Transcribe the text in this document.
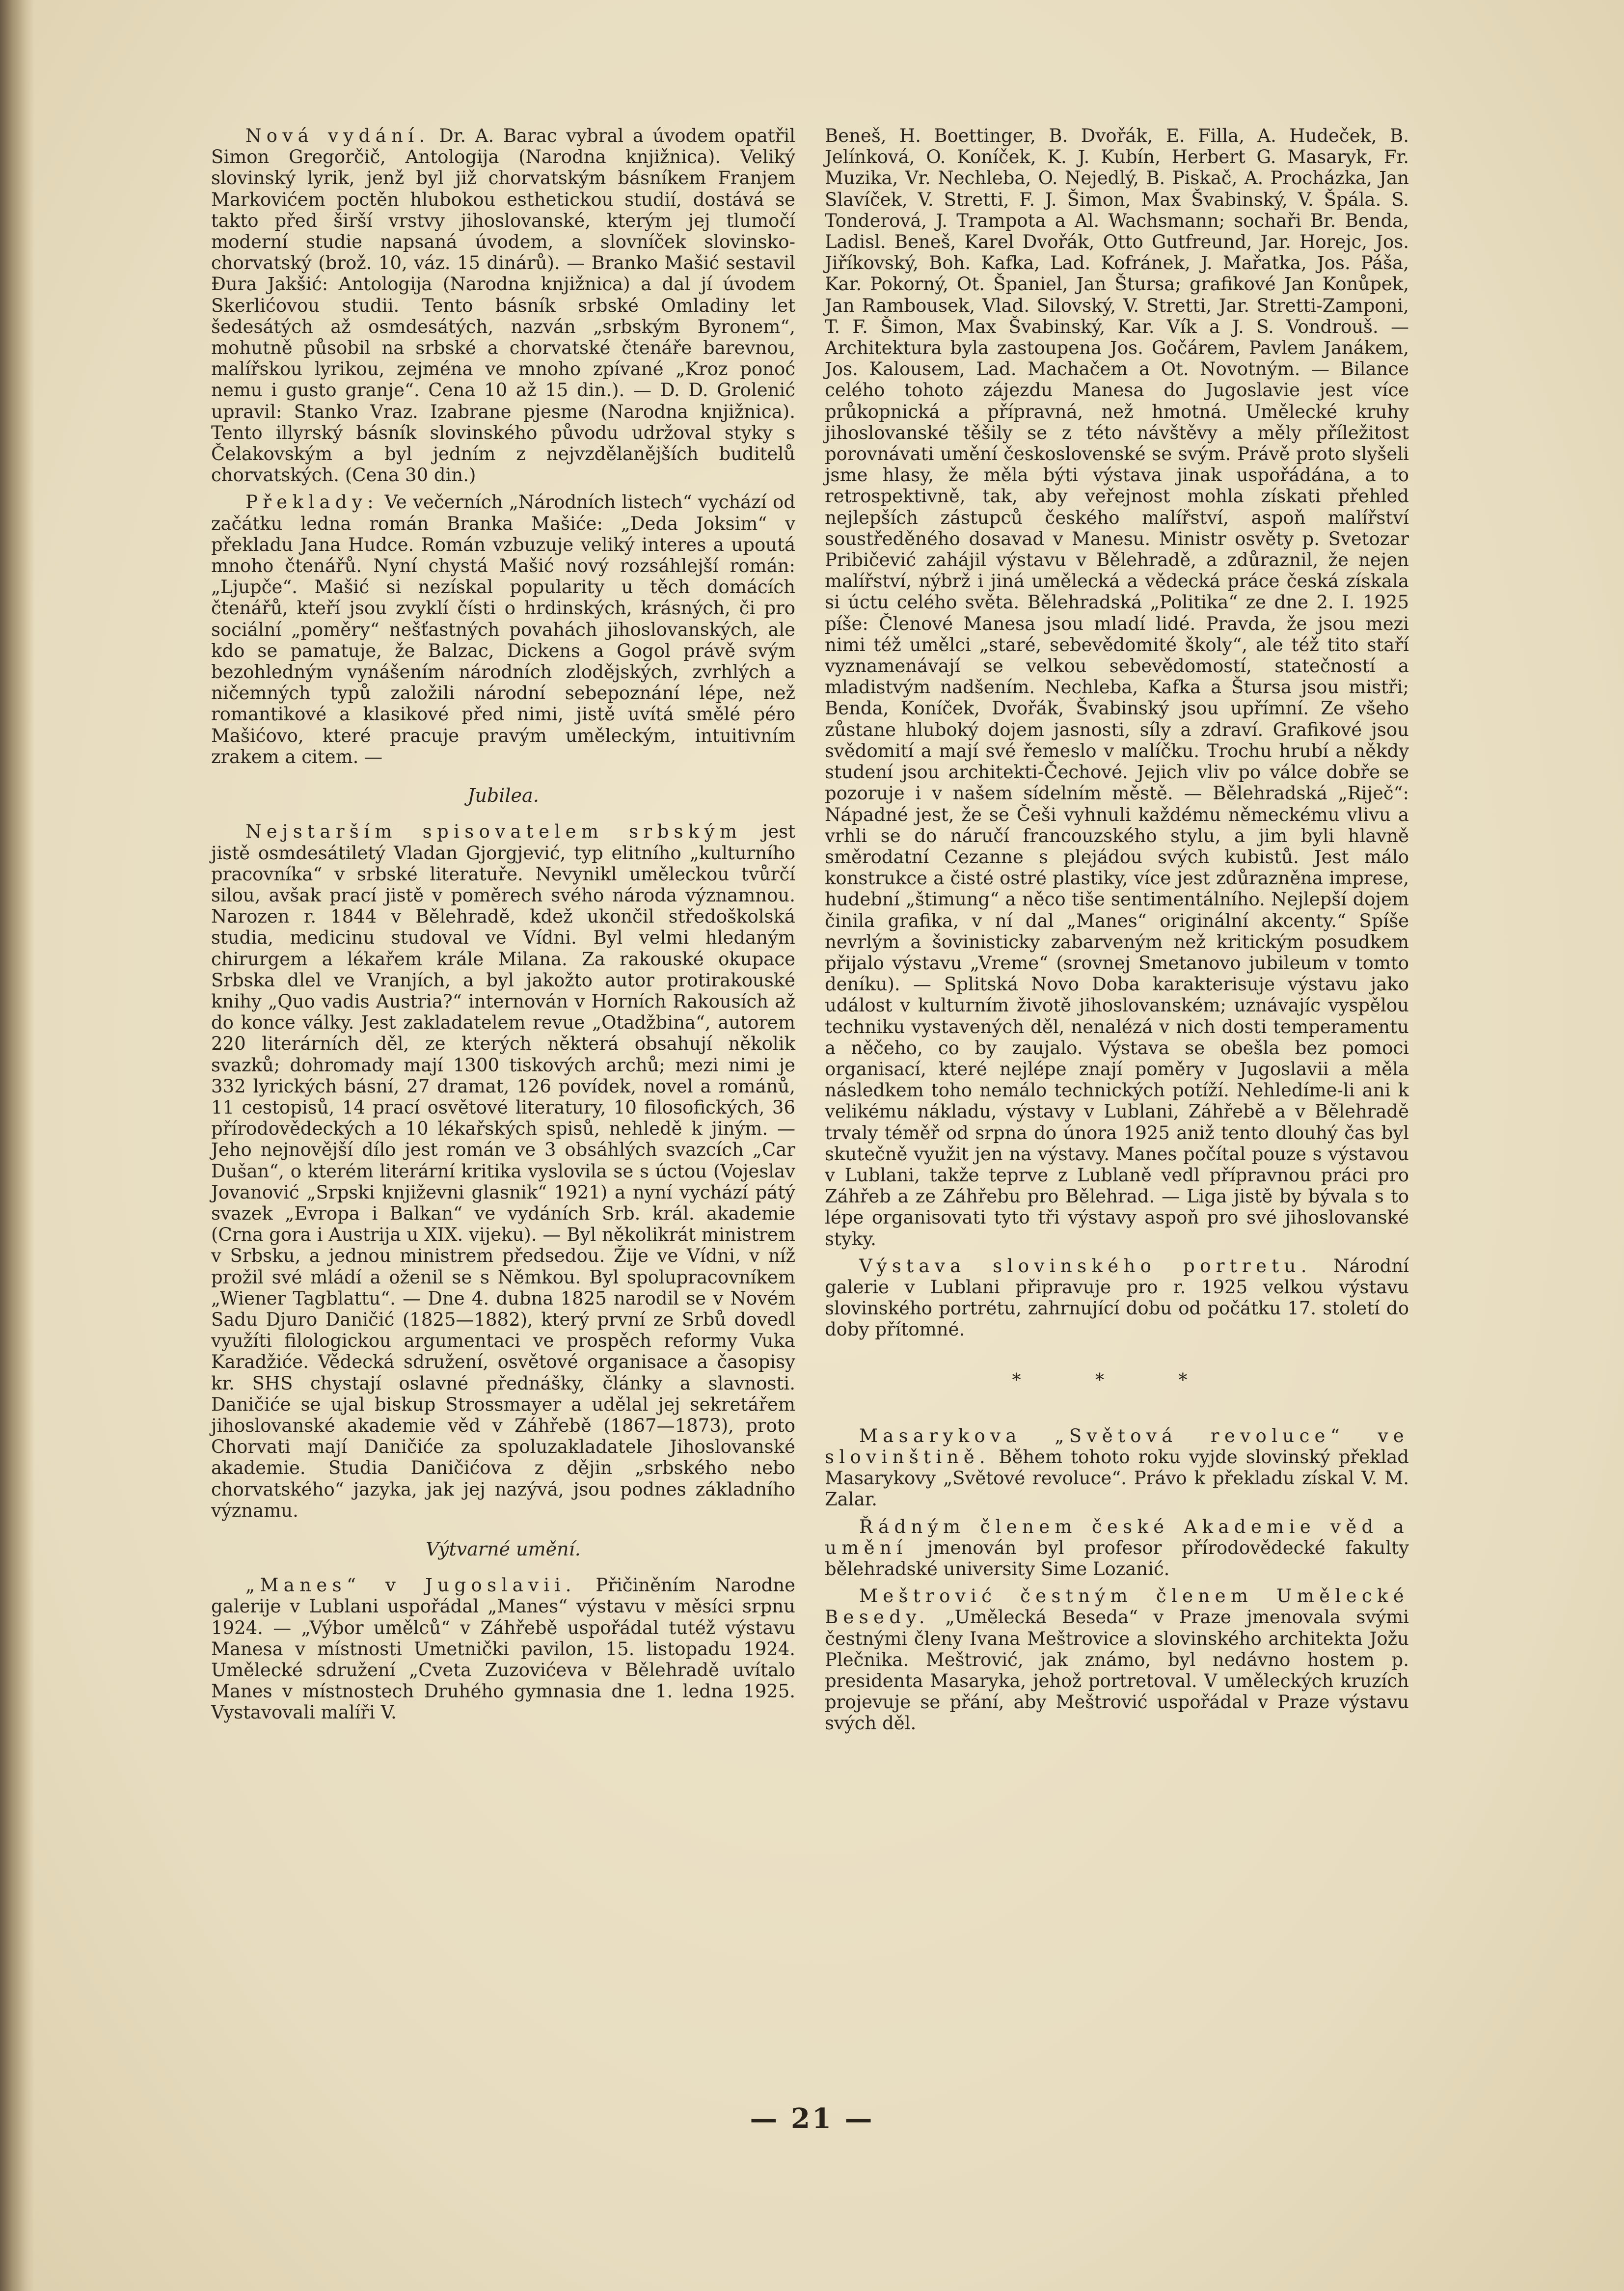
Nová vydání. Dr. A. Barac vybral a úvodem opatřil Simon Gregorčič, Antologija (Narodna knjižnica). Veliký slovinský lyrik, jenž byl již chorvatským básníkem Franjem Markovićem poctěn hlubokou esthetickou studií, dostává se takto před širší vrstvy jihoslovanské, kterým jej tlumočí moderní studie napsaná úvodem, a slovníček slovinsko-chorvatský (brož. 10, váz. 15 dinárů). — Branko Mašić sestavil Đura Jakšić: Antologija (Narodna knjižnica) a dal jí úvodem Skerlićovou studii. Tento básník srbské Omladiny let šedesátých až osmdesátých, nazván „srbským Byronem“, mohutně působil na srbské a chorvatské čtenáře barevnou, malířskou lyrikou, zejména ve mnoho zpívané „Kroz ponoć nemu i gusto granje“. Cena 10 až 15 din.). — D. D. Grolenić upravil: Stanko Vraz. Izabrane pjesme (Narodna knjižnica). Tento illyrský básník slovinského původu udržoval styky s Čelakovským a byl jedním z nejvzdělanějších buditelů chorvatských. (Cena 30 din.)

Překlady: Ve večerních „Národních listech“ vychází od začátku ledna román Branka Mašiće: „Deda Joksim“ v překladu Jana Hudce. Román vzbuzuje veliký interes a upoutá mnoho čtenářů. Nyní chystá Mašić nový rozsáhlejší román: „Ljupče“. Mašić si nezískal popularity u těch domácích čtenářů, kteří jsou zvyklí čísti o hrdinských, krásných, či pro sociální „poměry“ nešťastných povahách jihoslovanských, ale kdo se pamatuje, že Balzac, Dickens a Gogol právě svým bezohledným vynášením národních zlodějských, zvrhlých a ničemných typů založili národní sebepoznání lépe, než romantikové a klasikové před nimi, jistě uvítá smělé péro Mašićovo, které pracuje pravým uměleckým, intuitivním zrakem a citem. —

Jubilea.

Nejstarším spisovatelem srbským jest jistě osmdesátiletý Vladan Gjorgjević, typ elitního „kulturního pracovníka“ v srbské literatuře. Nevynikl uměleckou tvůrčí silou, avšak prací jistě v poměrech svého národa významnou. Narozen r. 1844 v Bělehradě, kdež ukončil středoškolská studia, medicinu studoval ve Vídni. Byl velmi hledaným chirurgem a lékařem krále Milana. Za rakouské okupace Srbska dlel ve Vranjích, a byl jakožto autor protirakouské knihy „Quo vadis Austria?“ internován v Horních Rakousích až do konce války. Jest zakladatelem revue „Otadžbina“, autorem 220 literárních děl, ze kterých některá obsahují několik svazků; dohromady mají 1300 tiskových archů; mezi nimi je 332 lyrických básní, 27 dramat, 126 povídek, novel a románů, 11 cestopisů, 14 prací osvětové literatury, 10 filosofických, 36 přírodovědeckých a 10 lékařských spisů, nehledě k jiným. — Jeho nejnovější dílo jest román ve 3 obsáhlých svazcích „Car Dušan“, o kterém literární kritika vyslovila se s úctou (Vojeslav Jovanović „Srpski književni glasnik“ 1921) a nyní vychází pátý svazek „Evropa i Balkan“ ve vydáních Srb. král. akademie (Crna gora i Austrija u XIX. vijeku). — Byl několikrát ministrem v Srbsku, a jednou ministrem předsedou. Žije ve Vídni, v níž prožil své mládí a oženil se s Němkou. Byl spolupracovníkem „Wiener Tagblattu“. — Dne 4. dubna 1825 narodil se v Novém Sadu Djuro Daničić (1825—1882), který první ze Srbů dovedl využíti filologickou argumentaci ve prospěch reformy Vuka Karadžiće. Vědecká sdružení, osvětové organisace a časopisy kr. SHS chystají oslavné přednášky, články a slavnosti. Daničiće se ujal biskup Strossmayer a udělal jej sekretářem jihoslovanské akademie věd v Záhřebě (1867—1873), proto Chorvati mají Daničiće za spoluzakladatele Jihoslovanské akademie. Studia Daničićova z dějin „srbského nebo chorvatského“ jazyka, jak jej nazývá, jsou podnes základního významu.

Výtvarné umění.

„Manes“ v Jugoslavii. Přičiněním Narodne galerije v Lublani uspořádal „Manes“ výstavu v měsíci srpnu 1924. — „Výbor umělců“ v Záhřebě uspořádal tutéž výstavu Manesa v místnosti Umetnički pavilon, 15. listopadu 1924. Umělecké sdružení „Cveta Zuzovićeva v Bělehradě uvítalo Manes v místnostech Druhého gymnasia dne 1. ledna 1925. Vystavovali malíři V.

Beneš, H. Boettinger, B. Dvořák, E. Filla, A. Hudeček, B. Jelínková, O. Koníček, K. J. Kubín, Herbert G. Masaryk, Fr. Muzika, Vr. Nechleba, O. Nejedlý, B. Piskač, A. Procházka, Jan Slavíček, V. Stretti, F. J. Šimon, Max Švabinský, V. Špála. S. Tonderová, J. Trampota a Al. Wachsmann; sochaři Br. Benda, Ladisl. Beneš, Karel Dvořák, Otto Gutfreund, Jar. Horejc, Jos. Jiříkovský, Boh. Kafka, Lad. Kofránek, J. Mařatka, Jos. Páša, Kar. Pokorný, Ot. Španiel, Jan Štursa; grafikové Jan Konůpek, Jan Rambousek, Vlad. Silovský, V. Stretti, Jar. Stretti-Zamponi, T. F. Šimon, Max Švabinský, Kar. Vík a J. S. Vondrouš. — Architektura byla zastoupena Jos. Gočárem, Pavlem Janákem, Jos. Kalousem, Lad. Machačem a Ot. Novotným. — Bilance celého tohoto zájezdu Manesa do Jugoslavie jest více průkopnická a přípravná, než hmotná. Umělecké kruhy jihoslovanské těšily se z této návštěvy a měly příležitost porovnávati umění československé se svým. Právě proto slyšeli jsme hlasy, že měla býti výstava jinak uspořádána, a to retrospektivně, tak, aby veřejnost mohla získati přehled nejlepších zástupců českého malířství, aspoň malířství soustředěného dosavad v Manesu. Ministr osvěty p. Svetozar Pribičević zahájil výstavu v Bělehradě, a zdůraznil, že nejen malířství, nýbrž i jiná umělecká a vědecká práce česká získala si úctu celého světa. Bělehradská „Politika“ ze dne 2. I. 1925 píše: Členové Manesa jsou mladí lidé. Pravda, že jsou mezi nimi též umělci „staré, sebevědomité školy“, ale též tito staří vyznamenávají se velkou sebevědomostí, statečností a mladistvým nadšením. Nechleba, Kafka a Štursa jsou mistři; Benda, Koníček, Dvořák, Švabinský jsou upřímní. Ze všeho zůstane hluboký dojem jasnosti, síly a zdraví. Grafikové jsou svědomití a mají své řemeslo v malíčku. Trochu hrubí a někdy studení jsou architekti-Čechové. Jejich vliv po válce dobře se pozoruje i v našem sídelním městě. — Bělehradská „Riječ“: Nápadné jest, že se Češi vyhnuli každému německému vlivu a vrhli se do náručí francouzského stylu, a jim byli hlavně směrodatní Cezanne s plejádou svých kubistů. Jest málo konstrukce a čisté ostré plastiky, více jest zdůrazněna imprese, hudební „štimung“ a něco tiše sentimentálního. Nejlepší dojem činila grafika, v ní dal „Manes“ originální akcenty.“ Spíše nevrlým a šovinisticky zabarveným než kritickým posudkem přijalo výstavu „Vreme“ (srovnej Smetanovo jubileum v tomto deníku). — Splitská Novo Doba karakterisuje výstavu jako událost v kulturním životě jihoslovanském; uznávajíc vyspělou techniku vystavených děl, nenalézá v nich dosti temperamentu a něčeho, co by zaujalo. Výstava se obešla bez pomoci organisací, které nejlépe znají poměry v Jugoslavii a měla následkem toho nemálo technických potíží. Nehledíme-li ani k velikému nákladu, výstavy v Lublani, Záhřebě a v Bělehradě trvaly téměř od srpna do února 1925 aniž tento dlouhý čas byl skutečně využit jen na výstavy. Manes počítal pouze s výstavou v Lublani, takže teprve z Lublaně vedl přípravnou práci pro Záhřeb a ze Záhřebu pro Bělehrad. — Liga jistě by bývala s to lépe organisovati tyto tři výstavy aspoň pro své jihoslovanské styky.

Výstava slovinského portretu. Národní galerie v Lublani připravuje pro r. 1925 velkou výstavu slovinského portrétu, zahrnující dobu od počátku 17. století do doby přítomné.

* * *

Masarykova „Světová revoluce“ ve slovinštině. Během tohoto roku vyjde slovinský překlad Masarykovy „Světové revoluce“. Právo k překladu získal V. M. Zalar.

Řádným členem české Akademie věd a umění jmenován byl profesor přírodovědecké fakulty bělehradské university Sime Lozanić.

Meštrović čestným členem Umělecké Besedy. „Umělecká Beseda“ v Praze jmenovala svými čestnými členy Ivana Meštrovice a slovinského architekta Jožu Plečnika. Meštrović, jak známo, byl nedávno hostem p. presidenta Masaryka, jehož portretoval. V uměleckých kruzích projevuje se přání, aby Meštrović uspořádal v Praze výstavu svých děl.

— 21 —
